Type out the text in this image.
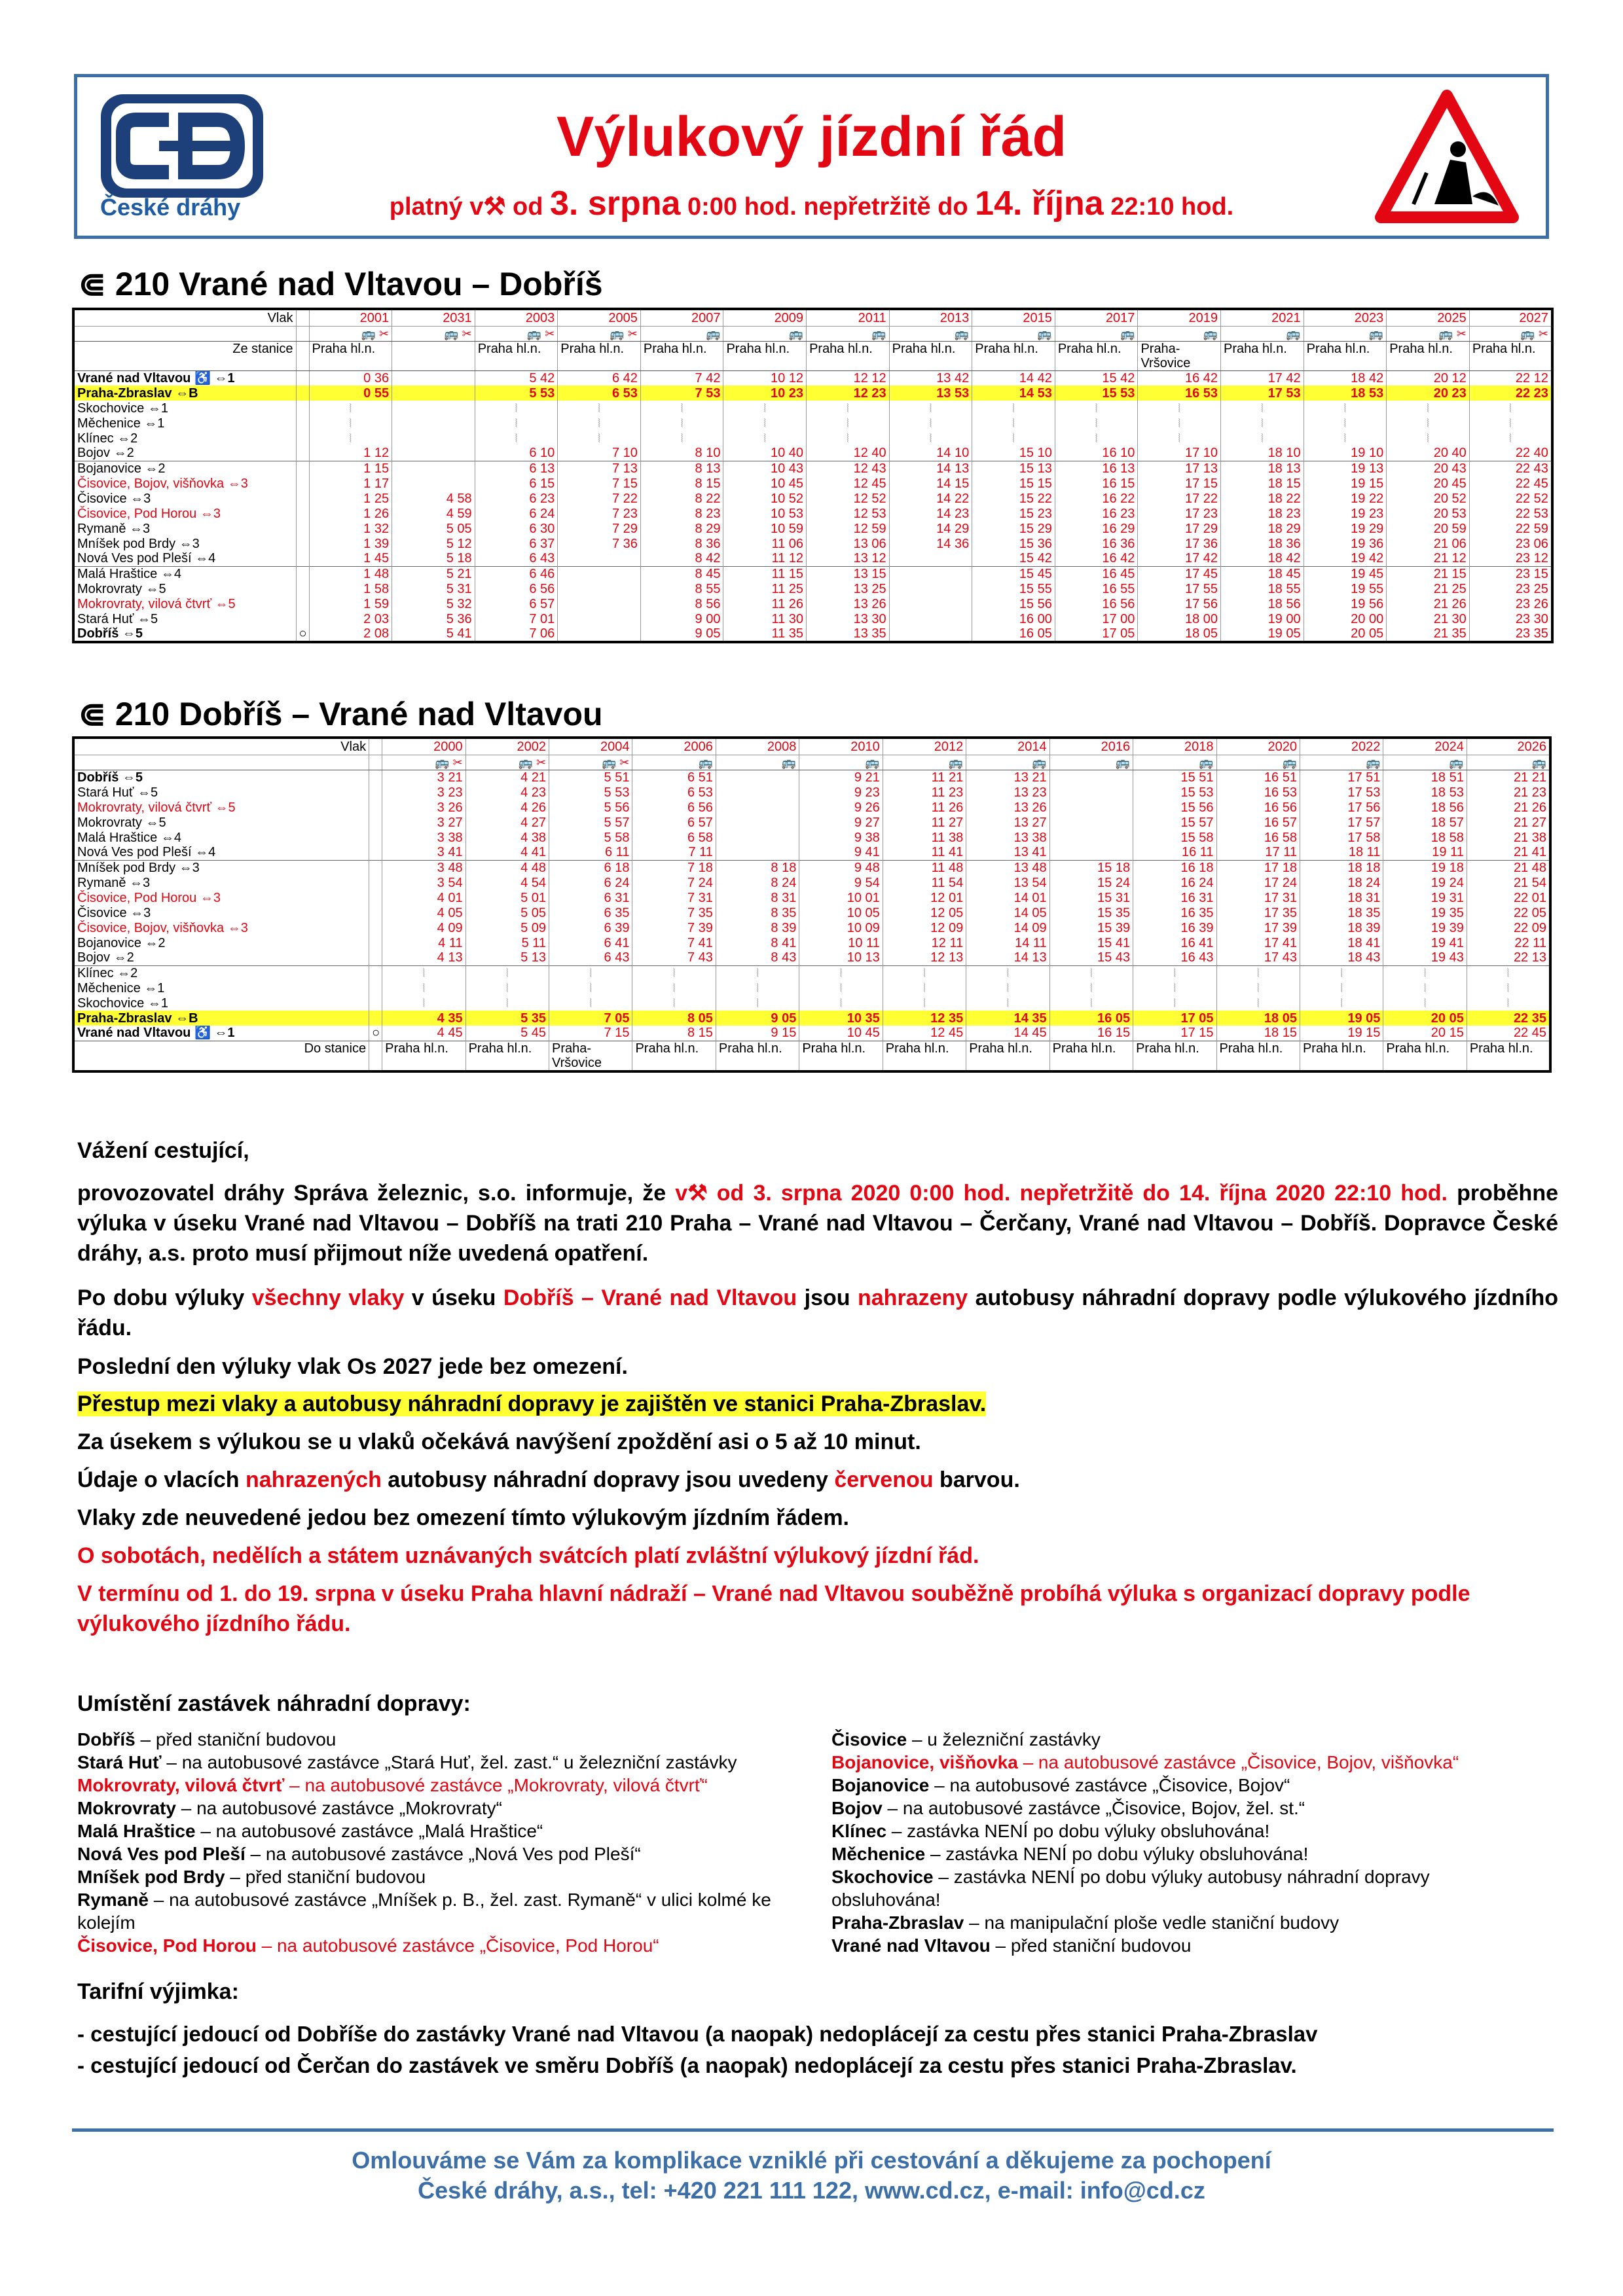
České dráhy
Výlukový jízdní řád
platný v⚒ od 3. srpna 0:00 hod. nepřetržitě do 14. října 22:10 hod.
⋐ 210 Vrané nad Vltavou – Dobříš
Vlak		2001	2031	2003	2005	2007	2009	2011	2013	2015	2017	2019	2021	2023	2025	2027
		🚌 ✂	🚌 ✂	🚌 ✂	🚌 ✂	🚌	🚌	🚌	🚌	🚌	🚌	🚌	🚌	🚌	🚌 ✂	🚌 ✂
Ze stanice		Praha hl.n.		Praha hl.n.	Praha hl.n.	Praha hl.n.	Praha hl.n.	Praha hl.n.	Praha hl.n.	Praha hl.n.	Praha hl.n.	Praha-Vršovice	Praha hl.n.	Praha hl.n.	Praha hl.n.	Praha hl.n.
Vrané nad Vltavou ♿ ⇔1		0 36		5 42	6 42	7 42	10 12	12 12	13 42	14 42	15 42	16 42	17 42	18 42	20 12	22 12
Praha-Zbraslav ⇔B		0 55		5 53	6 53	7 53	10 23	12 23	13 53	14 53	15 53	16 53	17 53	18 53	20 23	22 23
Skochovice ⇔1		⦚		⦚	⦚	⦚	⦚	⦚	⦚	⦚	⦚	⦚	⦚	⦚	⦚	⦚
Měchenice ⇔1		⦚		⦚	⦚	⦚	⦚	⦚	⦚	⦚	⦚	⦚	⦚	⦚	⦚	⦚
Klínec ⇔2		⦚		⦚	⦚	⦚	⦚	⦚	⦚	⦚	⦚	⦚	⦚	⦚	⦚	⦚
Bojov ⇔2		1 12		6 10	7 10	8 10	10 40	12 40	14 10	15 10	16 10	17 10	18 10	19 10	20 40	22 40
Bojanovice ⇔2		1 15		6 13	7 13	8 13	10 43	12 43	14 13	15 13	16 13	17 13	18 13	19 13	20 43	22 43
Čisovice, Bojov, višňovka ⇔3		1 17		6 15	7 15	8 15	10 45	12 45	14 15	15 15	16 15	17 15	18 15	19 15	20 45	22 45
Čisovice ⇔3		1 25	4 58	6 23	7 22	8 22	10 52	12 52	14 22	15 22	16 22	17 22	18 22	19 22	20 52	22 52
Čisovice, Pod Horou ⇔3		1 26	4 59	6 24	7 23	8 23	10 53	12 53	14 23	15 23	16 23	17 23	18 23	19 23	20 53	22 53
Rymaně ⇔3		1 32	5 05	6 30	7 29	8 29	10 59	12 59	14 29	15 29	16 29	17 29	18 29	19 29	20 59	22 59
Mníšek pod Brdy ⇔3		1 39	5 12	6 37	7 36	8 36	11 06	13 06	14 36	15 36	16 36	17 36	18 36	19 36	21 06	23 06
Nová Ves pod Pleší ⇔4		1 45	5 18	6 43		8 42	11 12	13 12		15 42	16 42	17 42	18 42	19 42	21 12	23 12
Malá Hraštice ⇔4		1 48	5 21	6 46		8 45	11 15	13 15		15 45	16 45	17 45	18 45	19 45	21 15	23 15
Mokrovraty ⇔5		1 58	5 31	6 56		8 55	11 25	13 25		15 55	16 55	17 55	18 55	19 55	21 25	23 25
Mokrovraty, vilová čtvrť ⇔5		1 59	5 32	6 57		8 56	11 26	13 26		15 56	16 56	17 56	18 56	19 56	21 26	23 26
Stará Huť ⇔5		2 03	5 36	7 01		9 00	11 30	13 30		16 00	17 00	18 00	19 00	20 00	21 30	23 30
Dobříš ⇔5	○	2 08	5 41	7 06		9 05	11 35	13 35		16 05	17 05	18 05	19 05	20 05	21 35	23 35
⋐ 210 Dobříš – Vrané nad Vltavou
Vlak		2000	2002	2004	2006	2008	2010	2012	2014	2016	2018	2020	2022	2024	2026
		🚌 ✂	🚌 ✂	🚌 ✂	🚌	🚌	🚌	🚌	🚌	🚌	🚌	🚌	🚌	🚌	🚌
Dobříš ⇔5		3 21	4 21	5 51	6 51		9 21	11 21	13 21		15 51	16 51	17 51	18 51	21 21
Stará Huť ⇔5		3 23	4 23	5 53	6 53		9 23	11 23	13 23		15 53	16 53	17 53	18 53	21 23
Mokrovraty, vilová čtvrť ⇔5		3 26	4 26	5 56	6 56		9 26	11 26	13 26		15 56	16 56	17 56	18 56	21 26
Mokrovraty ⇔5		3 27	4 27	5 57	6 57		9 27	11 27	13 27		15 57	16 57	17 57	18 57	21 27
Malá Hraštice ⇔4		3 38	4 38	5 58	6 58		9 38	11 38	13 38		15 58	16 58	17 58	18 58	21 38
Nová Ves pod Pleší ⇔4		3 41	4 41	6 11	7 11		9 41	11 41	13 41		16 11	17 11	18 11	19 11	21 41
Mníšek pod Brdy ⇔3		3 48	4 48	6 18	7 18	8 18	9 48	11 48	13 48	15 18	16 18	17 18	18 18	19 18	21 48
Rymaně ⇔3		3 54	4 54	6 24	7 24	8 24	9 54	11 54	13 54	15 24	16 24	17 24	18 24	19 24	21 54
Čisovice, Pod Horou ⇔3		4 01	5 01	6 31	7 31	8 31	10 01	12 01	14 01	15 31	16 31	17 31	18 31	19 31	22 01
Čisovice ⇔3		4 05	5 05	6 35	7 35	8 35	10 05	12 05	14 05	15 35	16 35	17 35	18 35	19 35	22 05
Čisovice, Bojov, višňovka ⇔3		4 09	5 09	6 39	7 39	8 39	10 09	12 09	14 09	15 39	16 39	17 39	18 39	19 39	22 09
Bojanovice ⇔2		4 11	5 11	6 41	7 41	8 41	10 11	12 11	14 11	15 41	16 41	17 41	18 41	19 41	22 11
Bojov ⇔2		4 13	5 13	6 43	7 43	8 43	10 13	12 13	14 13	15 43	16 43	17 43	18 43	19 43	22 13
Klínec ⇔2		⦚	⦚	⦚	⦚	⦚	⦚	⦚	⦚	⦚	⦚	⦚	⦚	⦚	⦚
Měchenice ⇔1		⦚	⦚	⦚	⦚	⦚	⦚	⦚	⦚	⦚	⦚	⦚	⦚	⦚	⦚
Skochovice ⇔1		⦚	⦚	⦚	⦚	⦚	⦚	⦚	⦚	⦚	⦚	⦚	⦚	⦚	⦚
Praha-Zbraslav ⇔B		4 35	5 35	7 05	8 05	9 05	10 35	12 35	14 35	16 05	17 05	18 05	19 05	20 05	22 35
Vrané nad Vltavou ♿ ⇔1	○	4 45	5 45	7 15	8 15	9 15	10 45	12 45	14 45	16 15	17 15	18 15	19 15	20 15	22 45
Do stanice		Praha hl.n.	Praha hl.n.	Praha-Vršovice	Praha hl.n.	Praha hl.n.	Praha hl.n.	Praha hl.n.	Praha hl.n.	Praha hl.n.	Praha hl.n.	Praha hl.n.	Praha hl.n.	Praha hl.n.	Praha hl.n.
Vážení cestující,
provozovatel dráhy Správa železnic, s.o. informuje, že v⚒ od 3. srpna 2020 0:00 hod. nepřetržitě do 14. října 2020 22:10 hod. proběhne výluka v úseku Vrané nad Vltavou – Dobříš na trati 210 Praha – Vrané nad Vltavou – Čerčany, Vrané nad Vltavou – Dobříš. Dopravce České dráhy, a.s. proto musí přijmout níže uvedená opatření.
Po dobu výluky všechny vlaky v úseku Dobříš – Vrané nad Vltavou jsou nahrazeny autobusy náhradní dopravy podle výlukového jízdního řádu.
Poslední den výluky vlak Os 2027 jede bez omezení.
Přestup mezi vlaky a autobusy náhradní dopravy je zajištěn ve stanici Praha-Zbraslav.
Za úsekem s výlukou se u vlaků očekává navýšení zpoždění asi o 5 až 10 minut.
Údaje o vlacích nahrazených autobusy náhradní dopravy jsou uvedeny červenou barvou.
Vlaky zde neuvedené jedou bez omezení tímto výlukovým jízdním řádem.
O sobotách, nedělích a státem uznávaných svátcích platí zvláštní výlukový jízdní řád.
V termínu od 1. do 19. srpna v úseku Praha hlavní nádraží – Vrané nad Vltavou souběžně probíhá výluka s organizací dopravy podle výlukového jízdního řádu.
Umístění zastávek náhradní dopravy:
Dobříš – před staniční budovou
Stará Huť – na autobusové zastávce „Stará Huť, žel. zast.“ u železniční zastávky
Mokrovraty, vilová čtvrť – na autobusové zastávce „Mokrovraty, vilová čtvrť“
Mokrovraty – na autobusové zastávce „Mokrovraty“
Malá Hraštice – na autobusové zastávce „Malá Hraštice“
Nová Ves pod Pleší – na autobusové zastávce „Nová Ves pod Pleší“
Mníšek pod Brdy – před staniční budovou
Rymaně – na autobusové zastávce „Mníšek p. B., žel. zast. Rymaně“ v ulici kolmé ke kolejím
Čisovice, Pod Horou – na autobusové zastávce „Čisovice, Pod Horou“
Čisovice – u železniční zastávky
Bojanovice, višňovka – na autobusové zastávce „Čisovice, Bojov, višňovka“
Bojanovice – na autobusové zastávce „Čisovice, Bojov“
Bojov – na autobusové zastávce „Čisovice, Bojov, žel. st.“
Klínec – zastávka NENÍ po dobu výluky obsluhována!
Měchenice – zastávka NENÍ po dobu výluky obsluhována!
Skochovice – zastávka NENÍ po dobu výluky autobusy náhradní dopravy obsluhována!
Praha-Zbraslav – na manipulační ploše vedle staniční budovy
Vrané nad Vltavou – před staniční budovou
Tarifní výjimka:
- cestující jedoucí od Dobříše do zastávky Vrané nad Vltavou (a naopak) nedoplácejí za cestu přes stanici Praha-Zbraslav
- cestující jedoucí od Čerčan do zastávek ve směru Dobříš (a naopak) nedoplácejí za cestu přes stanici Praha-Zbraslav.
Omlouváme se Vám za komplikace vzniklé při cestování a děkujeme za pochopení
České dráhy, a.s., tel: +420 221 111 122, www.cd.cz, e-mail: info@cd.cz
